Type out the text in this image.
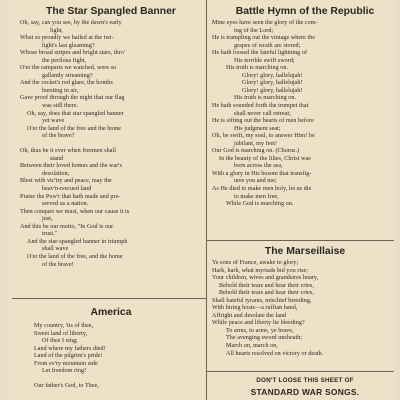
The Star Spangled Banner
Oh, say, can you see, by the dawn's early
light,
What so proudly we hailed at the twi-
light's last gleaming?
Whose broad stripes and bright stars, thro'
the perilous fight,
O'er the ramparts we watched, were so
gallantly streaming?
And the rocket's red glare, the bombs
bursting in air,
Gave proof through the night that our flag
was still there.
Oh, say, does that star spangled banner
yet wave
O'er the land of the free and the home
of the brave?

Oh, thus be it ever when freemen shall
stand
Between their loved homes and the war's
desolation;
Blest with vic'try and peace, may the
heav'n-rescued land
Praise the Pow'r that hath made and pre-
served us a nation.
Then conquer we must, when our cause it is
just,
And this be our motto, "In God is our
trust."
And the star-spangled banner in triumph
shall wave
O'er the land of the free, and the home
of the brave!
America
My country, 'tis of thee,
Sweet land of liberty,
Of thee I sing;
Land where my fathers died!
Land of the pilgrim's pride!
From ev'ry mountain side
Let freedom ring!

Our father's God, to Thee,
Battle Hymn of the Republic
Mine eyes have seen the glory of the com-
ing of the Lord;
He is trampling out the vintage where the
grapes of wrath are stored;
He hath loosed the fateful lightning of
His terrible swift sword;
His truth is marching on.
Glory! glory, hallelujah!
Glory! glory, hallelujah!
Glory! glory, hallelujah!
His truth is marching on.
He hath sounded forth the trumpet that
shall never call retreat;
He is sifting out the hearts of men before
His judgment seat;
Oh, be swift, my soul, to answer Him! be
jubilant, my feet!
Our God is marching on. (Chorus.)
In the beauty of the lilies, Christ was
born across the sea,
With a glory in His bosom that transfig-
ures you and me;
As He died to make men holy, let us die
to make men free,
While God is marching on.
The Marseillaise
Ye sons of France, awake to glory;
Hark, hark, what myriads bid you rise;
Your children, wives and grandsires hoary,
Behold their tears and hear their cries,
Behold their tears and hear their cries,
Shall hateful tyrants, mischief breeding,
With hiring hosts—a ruffian band,
Affright and desolate the land
While peace and liberty lie bleeding?
To arms, to arms, ye brave,
The avenging sword unsheath;
March on, march on,
All hearts resolved on victory or death.
DON'T LOOSE THIS SHEET OF
STANDARD WAR SONGS.
